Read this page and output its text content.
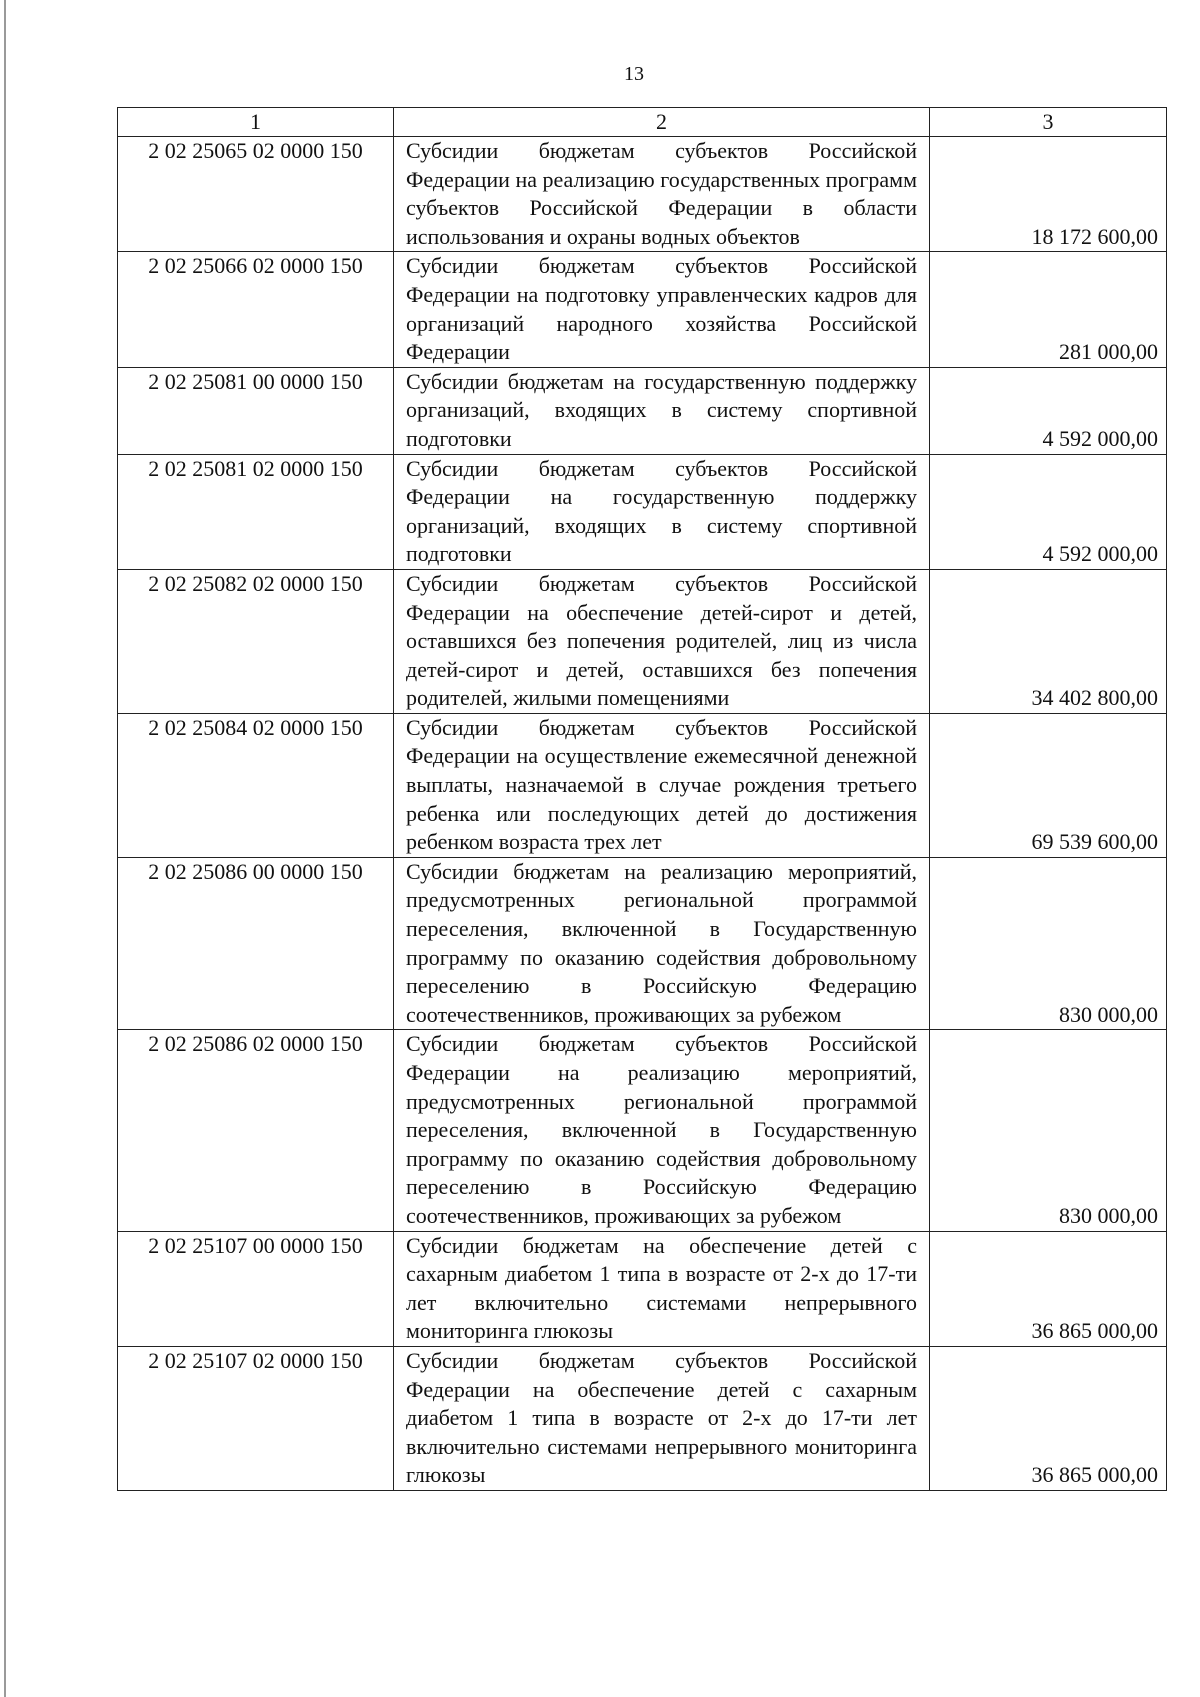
13
1	2	3
2 02 25065 02 0000 150	Субсидии бюджетам субъектов Российской Федерации на реализацию государственных программ субъектов Российской Федерации в области использования и охраны водных объектов	18 172 600,00
2 02 25066 02 0000 150	Субсидии бюджетам субъектов Российской Федерации на подготовку управленческих кадров для организаций народного хозяйства Российской Федерации	281 000,00
2 02 25081 00 0000 150	Субсидии бюджетам на государственную поддержку организаций, входящих в систему спортивной подготовки	4 592 000,00
2 02 25081 02 0000 150	Субсидии бюджетам субъектов Российской Федерации на государственную поддержку организаций, входящих в систему спортивной подготовки	4 592 000,00
2 02 25082 02 0000 150	Субсидии бюджетам субъектов Российской Федерации на обеспечение детей-сирот и детей, оставшихся без попечения родителей, лиц из числа детей-сирот и детей, оставшихся без попечения родителей, жилыми помещениями	34 402 800,00
2 02 25084 02 0000 150	Субсидии бюджетам субъектов Российской Федерации на осуществление ежемесячной денежной выплаты, назначаемой в случае рождения третьего ребенка или последующих детей до достижения ребенком возраста трех лет	69 539 600,00
2 02 25086 00 0000 150	Субсидии бюджетам на реализацию мероприятий, предусмотренных региональной программой переселения, включенной в Государственную программу по оказанию содействия добровольному переселению в Российскую Федерацию соотечественников, проживающих за рубежом	830 000,00
2 02 25086 02 0000 150	Субсидии бюджетам субъектов Российской Федерации на реализацию мероприятий, предусмотренных региональной программой переселения, включенной в Государственную программу по оказанию содействия добровольному переселению в Российскую Федерацию соотечественников, проживающих за рубежом	830 000,00
2 02 25107 00 0000 150	Субсидии бюджетам на обеспечение детей с сахарным диабетом 1 типа в возрасте от 2-х до 17-ти лет включительно системами непрерывного мониторинга глюкозы	36 865 000,00
2 02 25107 02 0000 150	Субсидии бюджетам субъектов Российской Федерации на обеспечение детей с сахарным диабетом 1 типа в возрасте от 2-х до 17-ти лет включительно системами непрерывного мониторинга глюкозы	36 865 000,00
